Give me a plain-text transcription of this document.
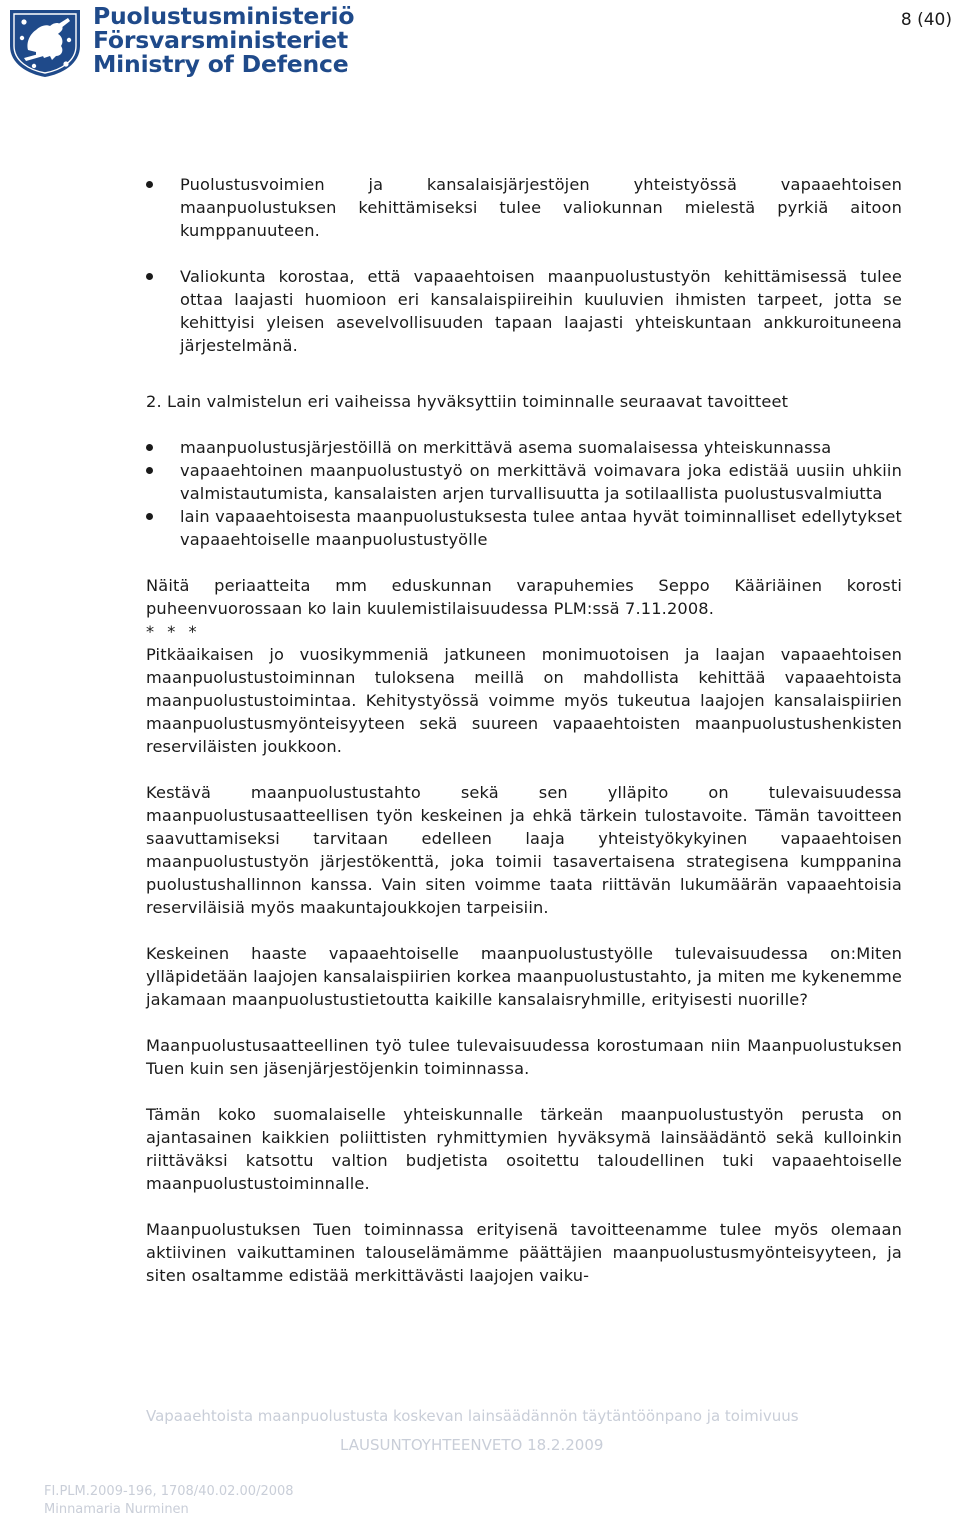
Puolustusministeriö
Försvarsministeriet
Ministry of Defence
8 (40)
Puolustusvoimien ja kansalaisjärjestöjen yhteistyössä vapaaehtoisen maanpuolustuksen kehittämiseksi tulee valiokunnan mielestä pyrkiä aitoon kumppanuuteen.
Valiokunta korostaa, että vapaaehtoisen maanpuolustustyön kehittämisessä tulee ottaa laajasti huomioon eri kansalaispiireihin kuuluvien ihmisten tarpeet, jotta se kehittyisi yleisen asevelvollisuuden tapaan laajasti yhteiskuntaan ankkuroituneena järjestelmänä.

2. Lain valmistelun eri vaiheissa hyväksyttiin toiminnalle seuraavat tavoitteet

maanpuolustusjärjestöillä on merkittävä asema suomalaisessa yhteiskunnassa
vapaaehtoinen maanpuolustustyö on merkittävä voimavara joka edistää uusiin uhkiin valmistautumista, kansalaisten arjen turvallisuutta ja sotilaallista puolustusvalmiutta
lain vapaaehtoisesta maanpuolustuksesta tulee antaa hyvät toiminnalliset edellytykset vapaaehtoiselle maanpuolustustyölle

Näitä periaatteita mm eduskunnan varapuhemies Seppo Kääriäinen korosti puheenvuorossaan ko lain kuulemistilaisuudessa PLM:ssä 7.11.2008.

* * *

Pitkäaikaisen jo vuosikymmeniä jatkuneen monimuotoisen ja laajan vapaaehtoisen maanpuolustustoiminnan tuloksena meillä on mahdollista kehittää vapaaehtoista maanpuolustustoimintaa. Kehitystyössä voimme myös tukeutua laajojen kansalaispiirien maanpuolustusmyönteisyyteen sekä suureen vapaaehtoisten maanpuolustushenkisten reserviläisten joukkoon.

Kestävä maanpuolustustahto sekä sen ylläpito on tulevaisuudessa maanpuolustusaatteellisen työn keskeinen ja ehkä tärkein tulostavoite. Tämän tavoitteen saavuttamiseksi tarvitaan edelleen laaja yhteistyökykyinen vapaaehtoisen maanpuolustustyön järjestökenttä, joka toimii tasavertaisena strategisena kumppanina puolustushallinnon kanssa. Vain siten voimme taata riittävän lukumäärän vapaaehtoisia reserviläisiä myös maakuntajoukkojen tarpeisiin.

Keskeinen haaste vapaaehtoiselle maanpuolustustyölle tulevaisuudessa on:Miten ylläpidetään laajojen kansalaispiirien korkea maanpuolustustahto, ja miten me kykenemme jakamaan maanpuolustustietoutta kaikille kansalaisryhmille, erityisesti nuorille?

Maanpuolustusaatteellinen työ tulee tulevaisuudessa korostumaan niin Maanpuolustuksen Tuen kuin sen jäsenjärjestöjenkin toiminnassa.

Tämän koko suomalaiselle yhteiskunnalle tärkeän maanpuolustustyön perusta on ajantasainen kaikkien poliittisten ryhmittymien hyväksymä lainsäädäntö sekä kulloinkin riittäväksi katsottu valtion budjetista osoitettu taloudellinen tuki vapaaehtoiselle maanpuolustustoiminnalle.

Maanpuolustuksen Tuen toiminnassa erityisenä tavoitteenamme tulee myös olemaan aktiivinen vaikuttaminen talouselämämme päättäjien maanpuolustusmyönteisyyteen, ja siten osaltamme edistää merkittävästi laajojen vaiku-

Vapaaehtoista maanpuolustusta koskevan lainsäädännön täytäntöönpano ja toimivuus
LAUSUNTOYHTEENVETO 18.2.2009
FI.PLM.2009-196, 1708/40.02.00/2008
Minnamaria Nurminen
